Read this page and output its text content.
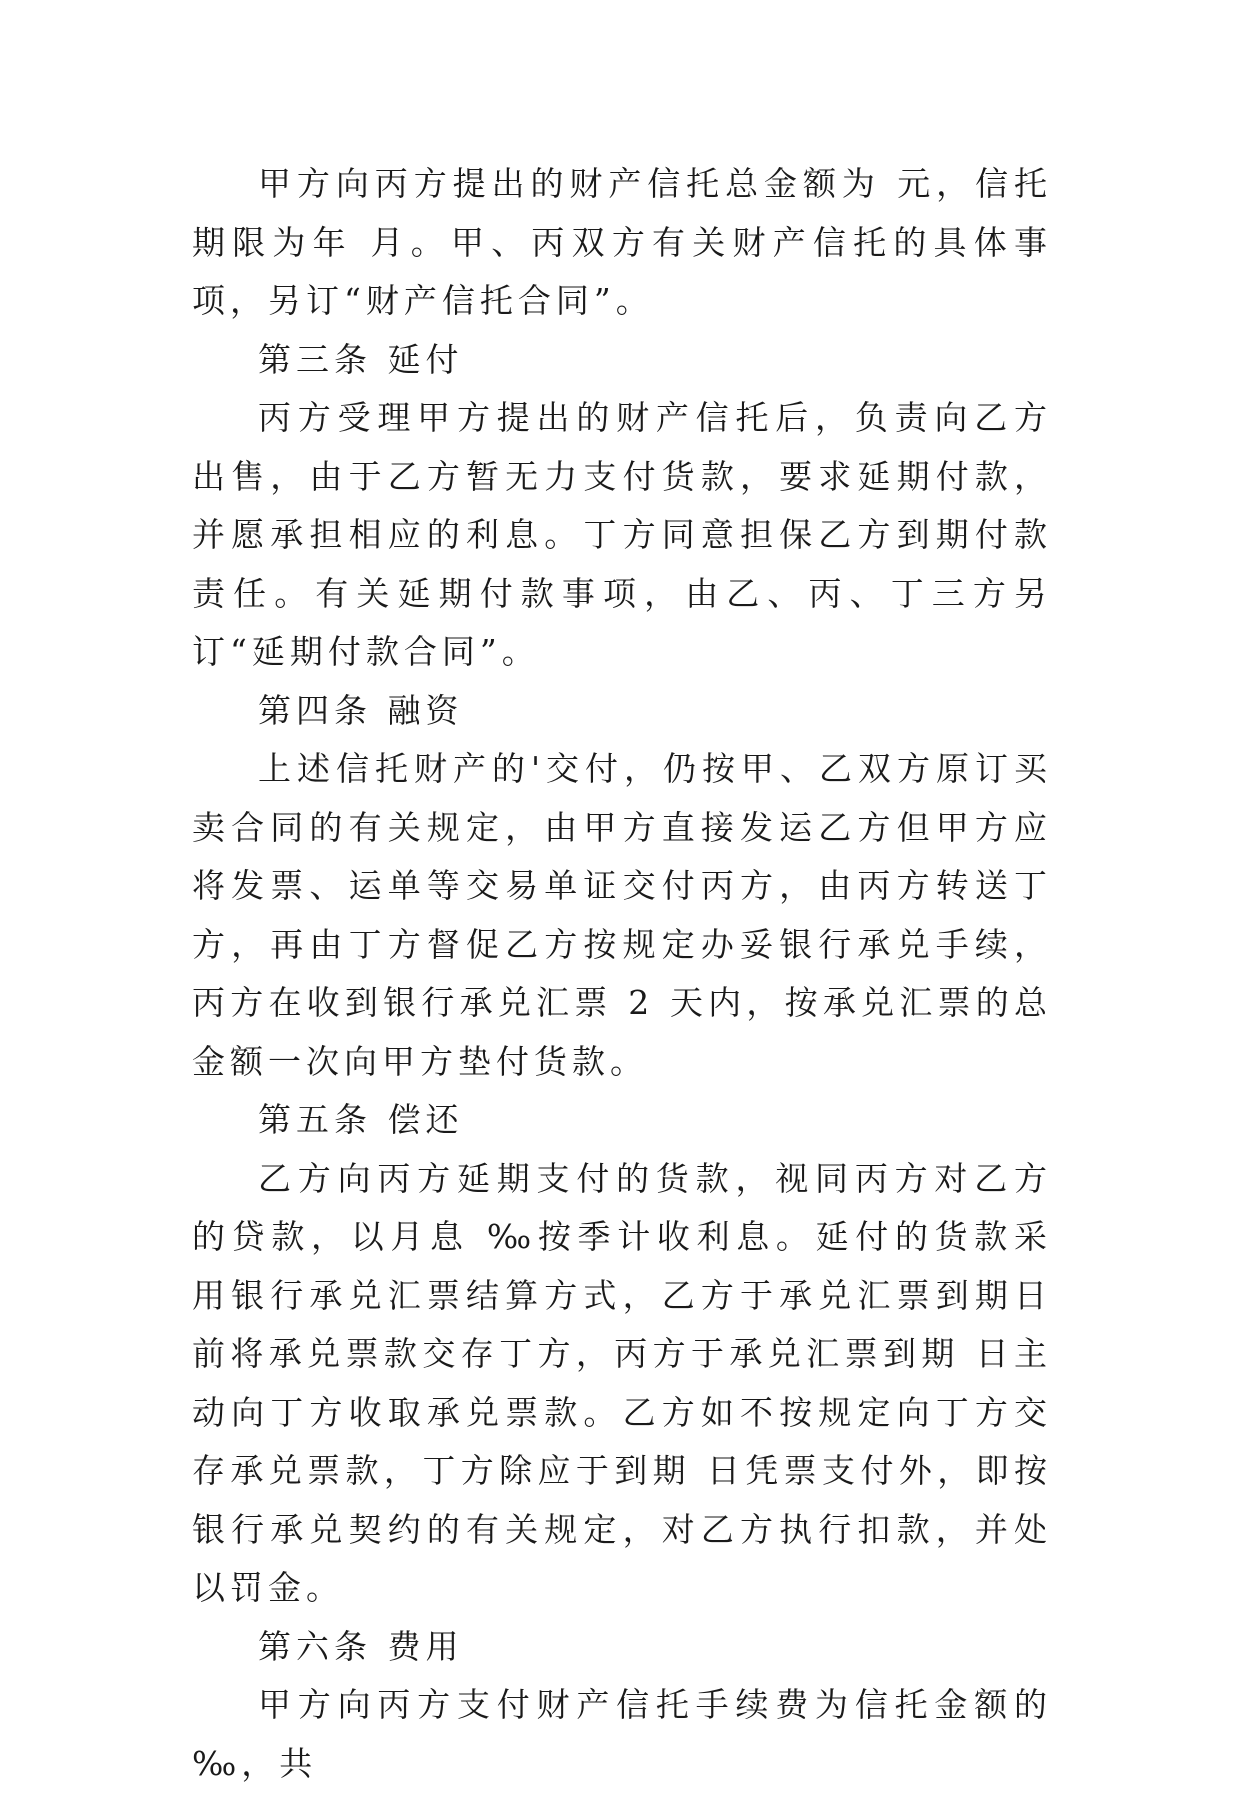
甲方向丙方提出的财产信托总金额为 元，信托期限为年 月。甲、丙双方有关财产信托的具体事项，另订“财产信托合同”。

第三条 延付

丙方受理甲方提出的财产信托后，负责向乙方出售，由于乙方暂无力支付货款，要求延期付款，并愿承担相应的利息。丁方同意担保乙方到期付款责任。有关延期付款事项，由乙、丙、丁三方另订“延期付款合同”。

第四条 融资

上述信托财产的'交付，仍按甲、乙双方原订买卖合同的有关规定，由甲方直接发运乙方但甲方应将发票、运单等交易单证交付丙方，由丙方转送丁方，再由丁方督促乙方按规定办妥银行承兑手续，丙方在收到银行承兑汇票 2 天内，按承兑汇票的总金额一次向甲方垫付货款。

第五条 偿还

乙方向丙方延期支付的货款，视同丙方对乙方的贷款，以月息 ‰按季计收利息。延付的货款采用银行承兑汇票结算方式，乙方于承兑汇票到期日前将承兑票款交存丁方，丙方于承兑汇票到期 日主动向丁方收取承兑票款。乙方如不按规定向丁方交存承兑票款，丁方除应于到期 日凭票支付外，即按银行承兑契约的有关规定，对乙方执行扣款，并处以罚金。

第六条 费用

甲方向丙方支付财产信托手续费为信托金额的 ‰，共
